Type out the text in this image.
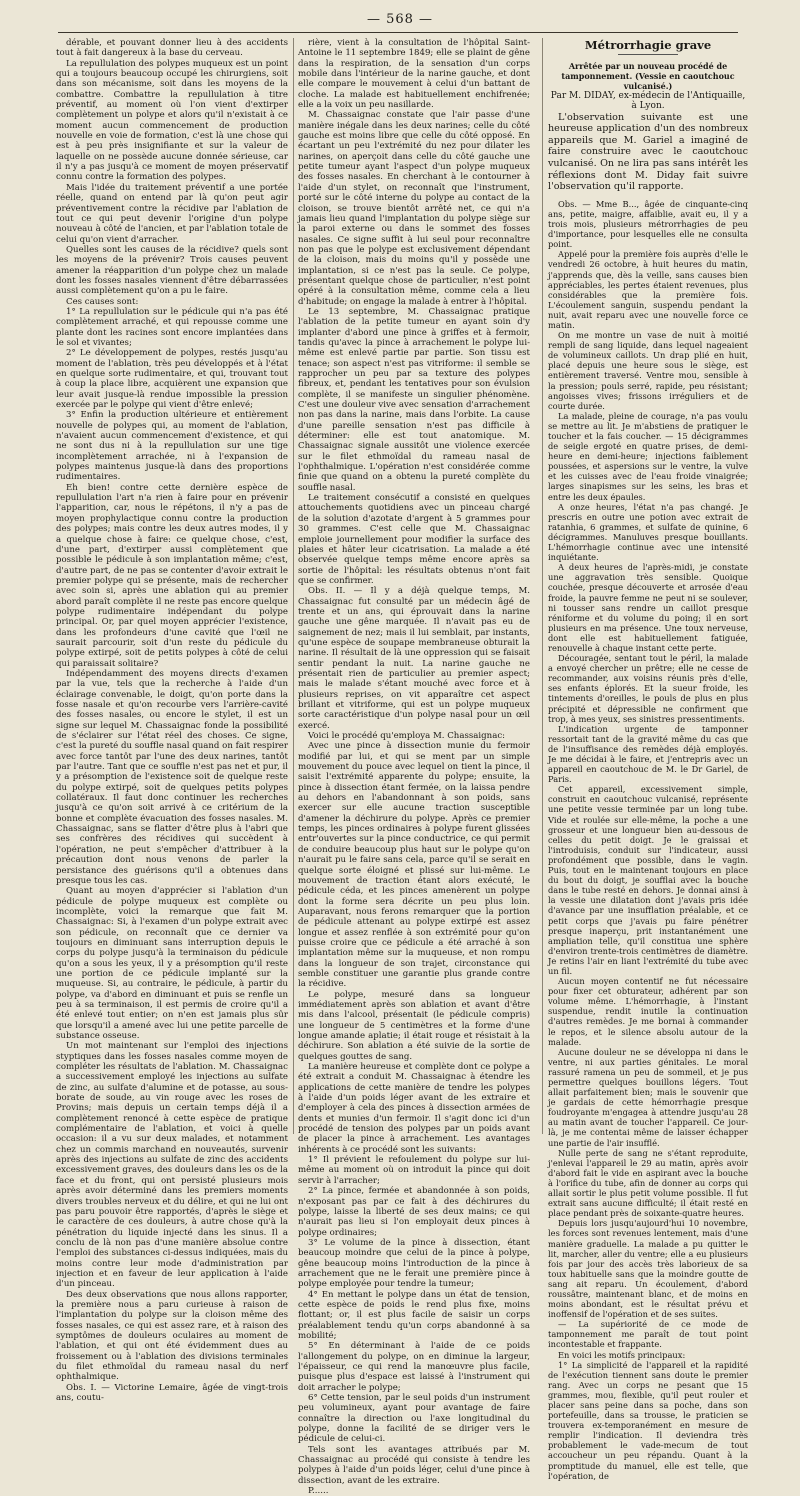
— 568 —

dérable, et pouvant donner lieu à des accidents tout à fait dangereux à la base du cerveau.

La repullulation des polypes muqueux est un point qui a toujours beaucoup occupé les chirurgiens, soit dans son mécanisme, soit dans les moyens de la combattre. Combattre la repullulation à titre préventif, au moment où l'on vient d'extirper complètement un polype et alors qu'il n'existait à ce moment aucun commencement de production nouvelle en voie de formation, c'est là une chose qui est à peu près insignifiante et sur la valeur de laquelle on ne possède aucune donnée sérieuse, car il n'y a pas jusqu'à ce moment de moyen préservatif connu contre la formation des polypes.

Mais l'idée du traitement préventif a une portée réelle, quand on entend par là qu'on peut agir préventivement contre la récidive par l'ablation de tout ce qui peut devenir l'origine d'un polype nouveau à côté de l'ancien, et par l'ablation totale de celui qu'on vient d'arracher.

Quelles sont les causes de la récidive? quels sont les moyens de la prévenir? Trois causes peuvent amener la réapparition d'un polype chez un malade dont les fosses nasales viennent d'être débarrassées aussi complètement qu'on a pu le faire.

Ces causes sont:

1° La repullulation sur le pédicule qui n'a pas été complètement arraché, et qui repousse comme une plante dont les racines sont encore implantées dans le sol et vivantes;

2° Le développement de polypes, restés jusqu'au moment de l'ablation, très peu développés et à l'état en quelque sorte rudimentaire, et qui, trouvant tout à coup la place libre, acquièrent une expansion que leur avait jusque-là rendue impossible la pression exercée par le polype qui vient d'être enlevé;

3° Enfin la production ultérieure et entièrement nouvelle de polypes qui, au moment de l'ablation, n'avaient aucun commencement d'existence, et qui ne sont dus ni à la repullulation sur une tige incomplètement arrachée, ni à l'expansion de polypes maintenus jusque-là dans des proportions rudimentaires.

Eh bien! contre cette dernière espèce de repullulation l'art n'a rien à faire pour en prévenir l'apparition, car, nous le répétons, il n'y a pas de moyen prophylactique connu contre la production des polypes; mais contre les deux autres modes, il y a quelque chose à faire: ce quelque chose, c'est, d'une part, d'extirper aussi complètement que possible le pédicule à son implantation même; c'est, d'autre part, de ne pas se contenter d'avoir extrait le premier polype qui se présente, mais de rechercher avec soin si, après une ablation qui au premier abord paraît complète il ne reste pas encore quelque polype rudimentaire indépendant du polype principal. Or, par quel moyen apprécier l'existence, dans les profondeurs d'une cavité que l'œil ne saurait parcourir, soit d'un reste du pédicule du polype extirpé, soit de petits polypes à côté de celui qui paraissait solitaire?

Indépendamment des moyens directs d'examen par la vue, tels que la recherche à l'aide d'un éclairage convenable, le doigt, qu'on porte dans la fosse nasale et qu'on recourbe vers l'arrière-cavité des fosses nasales, ou encore le stylet, il est un signe sur lequel M. Chassaignac fonde la possibilité de s'éclairer sur l'état réel des choses. Ce signe, c'est la pureté du souffle nasal quand on fait respirer avec force tantôt par l'une des deux narines, tantôt par l'autre. Tant que ce souffle n'est pas net et pur, il y a présomption de l'existence soit de quelque reste du polype extirpé, soit de quelques petits polypes collatéraux. Il faut donc continuer les recherches jusqu'à ce qu'on soit arrivé à ce critérium de la bonne et complète évacuation des fosses nasales. M. Chassaignac, sans se flatter d'être plus à l'abri que ses confrères des récidives qui succèdent à l'opération, ne peut s'empêcher d'attribuer à la précaution dont nous venons de parler la persistance des guérisons qu'il a obtenues dans presque tous les cas.

Quant au moyen d'apprécier si l'ablation d'un pédicule de polype muqueux est complète ou incomplète, voici la remarque que fait M. Chassaignac: Si, à l'examen d'un polype extrait avec son pédicule, on reconnaît que ce dernier va toujours en diminuant sans interruption depuis le corps du polype jusqu'à la terminaison du pédicule qu'on a sous les yeux, il y a présomption qu'il reste une portion de ce pédicule implanté sur la muqueuse. Si, au contraire, le pédicule, à partir du polype, va d'abord en diminuant et puis se renfle un peu à sa terminaison, il est permis de croire qu'il a été enlevé tout entier; on n'en est jamais plus sûr que lorsqu'il a amené avec lui une petite parcelle de substance osseuse.

Un mot maintenant sur l'emploi des injections styptiques dans les fosses nasales comme moyen de compléter les résultats de l'ablation. M. Chassaignac a successivement employé les injections au sulfate de zinc, au sulfate d'alumine et de potasse, au sous-borate de soude, au vin rouge avec les roses de Provins; mais depuis un certain temps déjà il a complètement renoncé à cette espèce de pratique complémentaire de l'ablation, et voici à quelle occasion: il a vu sur deux malades, et notamment chez un commis marchand en nouveautés, survenir après des injections au sulfate de zinc des accidents excessivement graves, des douleurs dans les os de la face et du front, qui ont persisté plusieurs mois après avoir déterminé dans les premiers moments divers troubles nerveux et du délire, et qui ne lui ont pas paru pouvoir être rapportés, d'après le siège et le caractère de ces douleurs, à autre chose qu'à la pénétration du liquide injecté dans les sinus. Il a conclu de là non pas d'une manière absolue contre l'emploi des substances ci-dessus indiquées, mais du moins contre leur mode d'administration par injection et en faveur de leur application à l'aide d'un pinceau.

Des deux observations que nous allons rapporter, la première nous a paru curieuse à raison de l'implantation du polype sur la cloison même des fosses nasales, ce qui est assez rare, et à raison des symptômes de douleurs oculaires au moment de l'ablation, et qui ont été évidemment dues au froissement ou à l'ablation des divisions terminales du filet ethmoïdal du rameau nasal du nerf ophthalmique.

Obs. I. — Victorine Lemaire, âgée de vingt-trois ans, coutu-

rière, vient à la consultation de l'hôpital Saint-Antoine le 11 septembre 1849; elle se plaint de gêne dans la respiration, de la sensation d'un corps mobile dans l'intérieur de la narine gauche, et dont elle compare le mouvement à celui d'un battant de cloche. La malade est habituellement enchifrenée; elle a la voix un peu nasillarde.

M. Chassaignac constate que l'air passe d'une manière inégale dans les deux narines; celle du côté gauche est moins libre que celle du côté opposé. En écartant un peu l'extrémité du nez pour dilater les narines, on aperçoit dans celle du côté gauche une petite tumeur ayant l'aspect d'un polype muqueux des fosses nasales. En cherchant à le contourner à l'aide d'un stylet, on reconnaît que l'instrument, porté sur le côté interne du polype au contact de la cloison, se trouve bientôt arrêté net, ce qui n'a jamais lieu quand l'implantation du polype siège sur la paroi externe ou dans le sommet des fosses nasales. Ce signe suffit à lui seul pour reconnaître non pas que le polype est exclusivement dépendant de la cloison, mais du moins qu'il y possède une implantation, si ce n'est pas la seule. Ce polype, présentant quelque chose de particulier, n'est point opéré à la consultation même, comme cela a lieu d'habitude; on engage la malade à entrer à l'hôpital.

Le 13 septembre, M. Chassaignac pratique l'ablation de la petite tumeur en ayant soin d'y implanter d'abord une pince à griffes et à fermoir, tandis qu'avec la pince à arrachement le polype lui-même est enlevé partie par partie. Son tissu est tenace; son aspect n'est pas vitriforme: il semble se rapprocher un peu par sa texture des polypes fibreux, et, pendant les tentatives pour son évulsion complète, il se manifeste un singulier phénomène. C'est une douleur vive avec sensation d'arrachement non pas dans la narine, mais dans l'orbite. La cause d'une pareille sensation n'est pas difficile à déterminer: elle est tout anatomique. M. Chassaignac signale aussitôt une violence exercée sur le filet ethmoïdal du rameau nasal de l'ophthalmique. L'opération n'est considérée comme finie que quand on a obtenu la pureté complète du souffle nasal.

Le traitement consécutif a consisté en quelques attouchements quotidiens avec un pinceau chargé de la solution d'azotate d'argent à 5 grammes pour 30 grammes. C'est celle que M. Chassaignac emploie journellement pour modifier la surface des plaies et hâter leur cicatrisation. La malade a été observée quelque temps même encore après sa sortie de l'hôpital: les résultats obtenus n'ont fait que se confirmer.

Obs. II. — Il y a déjà quelque temps, M. Chassaignac fut consulté par un médecin âgé de trente et un ans, qui éprouvait dans la narine gauche une gêne marquée. Il n'avait pas eu de saignement de nez; mais il lui semblait, par instants, qu'une espèce de soupape membraneuse obturait la narine. Il résultait de là une oppression qui se faisait sentir pendant la nuit. La narine gauche ne présentait rien de particulier au premier aspect; mais le malade s'étant mouché avec force et à plusieurs reprises, on vit apparaître cet aspect brillant et vitriforme, qui est un polype muqueux sorte caractéristique d'un polype nasal pour un œil exercé.

Voici le procédé qu'employa M. Chassaignac:

Avec une pince à dissection munie du fermoir modifié par lui, et qui se ment par un simple mouvement du pouce avec lequel on tient la pince, il saisit l'extrémité apparente du polype; ensuite, la pince à dissection étant fermée, on la laissa pendre au dehors en l'abandonnant à son poids, sans exercer sur elle aucune traction susceptible d'amener la déchirure du polype. Après ce premier temps, les pinces ordinaires à polype furent glissées entr'ouvertes sur la pince conductrice, ce qui permit de conduire beaucoup plus haut sur le polype qu'on n'aurait pu le faire sans cela, parce qu'il se serait en quelque sorte éloigné et plissé sur lui-même. Le mouvement de traction étant alors exécuté, le pédicule céda, et les pinces amenèrent un polype dont la forme sera décrite un peu plus loin. Auparavant, nous ferons remarquer que la portion de pédicule attenant au polype extirpé est assez longue et assez renflée à son extrémité pour qu'on puisse croire que ce pédicule a été arraché à son implantation même sur la muqueuse, et non rompu dans la longueur de son trajet, circonstance qui semble constituer une garantie plus grande contre la récidive.

Le polype, mesuré dans sa longueur immédiatement après son ablation et avant d'être mis dans l'alcool, présentait (le pédicule compris) une longueur de 5 centimètres et la forme d'une longue amande aplatie; il était rouge et résistait à la déchirure. Son ablation a été suivie de la sortie de quelques gouttes de sang.

La manière heureuse et complète dont ce polype a été extrait a conduit M. Chassaignac à étendre les applications de cette manière de tendre les polypes à l'aide d'un poids léger avant de les extraire et d'employer à cela des pinces à dissection armées de dents et munies d'un fermoir. Il s'agit donc ici d'un procédé de tension des polypes par un poids avant de placer la pince à arrachement. Les avantages inhérents à ce procédé sont les suivants:

1° Il prévient le refoulement du polype sur lui-même au moment où on introduit la pince qui doit servir à l'arracher;

2° La pince, fermée et abandonnée à son poids, n'exposant pas par ce fait à des déchirures du polype, laisse la liberté de ses deux mains; ce qui n'aurait pas lieu si l'on employait deux pinces à polype ordinaires;

3° Le volume de la pince à dissection, étant beaucoup moindre que celui de la pince à polype, gêne beaucoup moins l'introduction de la pince à arrachement que ne le ferait une première pince à polype employée pour tendre la tumeur;

4° En mettant le polype dans un état de tension, cette espèce de poids le rend plus fixe, moins flottant; or, il est plus facile de saisir un corps préalablement tendu qu'un corps abandonné à sa mobilité;

5° En déterminant à l'aide de ce poids l'allongement du polype, on en diminue la largeur, l'épaisseur, ce qui rend la manœuvre plus facile, puisque plus d'espace est laissé à l'instrument qui doit arracher le polype;

6° Cette tension, par le seul poids d'un instrument peu volumineux, ayant pour avantage de faire connaître la direction ou l'axe longitudinal du polype, donne la facilité de se diriger vers le pédicule de celui-ci.

Tels sont les avantages attribués par M. Chassaignac au procédé qui consiste à tendre les polypes à l'aide d'un poids léger, celui d'une pince à dissection, avant de les extraire.

P......

Métrorrhagie grave

Arrêtée par un nouveau procédé de tamponnement. (Vessie en caoutchouc vulcanisé.)

Par M. DIDAY, ex-médecin de l'Antiquaille, à Lyon.

L'observation suivante est une heureuse application d'un des nombreux appareils que M. Gariel a imaginé de faire construire avec le caoutchouc vulcanisé. On ne lira pas sans intérêt les réflexions dont M. Diday fait suivre l'observation qu'il rapporte.

Obs. — Mme B..., âgée de cinquante-cinq ans, petite, maigre, affaiblie, avait eu, il y a trois mois, plusieurs métrorrhagies de peu d'importance, pour lesquelles elle ne consulta point.

Appelé pour la première fois auprès d'elle le vendredi 26 octobre, à huit heures du matin, j'apprends que, dès la veille, sans causes bien appréciables, les pertes étaient revenues, plus considérables que la première fois. L'écoulement sanguin, suspendu pendant la nuit, avait reparu avec une nouvelle force ce matin.

On me montre un vase de nuit à moitié rempli de sang liquide, dans lequel nageaient de volumineux caillots. Un drap plié en huit, placé depuis une heure sous le siège, est entièrement traversé. Ventre mou, sensible à la pression; pouls serré, rapide, peu résistant; angoisses vives; frissons irréguliers et de courte durée.

La malade, pleine de courage, n'a pas voulu se mettre au lit. Je m'abstiens de pratiquer le toucher et la fais coucher. — 15 décigrammes de seigle ergoté en quatre prises, de demi-heure en demi-heure; injections faiblement poussées, et aspersions sur le ventre, la vulve et les cuisses avec de l'eau froide vinaigrée; larges sinapismes sur les seins, les bras et entre les deux épaules.

A onze heures, l'état n'a pas changé. Je prescris en outre une potion avec extrait de ratanhia, 6 grammes, et sulfate de quinine, 6 décigrammes. Manuluves presque bouillants. L'hémorrhagie continue avec une intensité inquiétante.

A deux heures de l'après-midi, je constate une aggravation très sensible. Quoique couchée, presque découverte et arrosée d'eau froide, la pauvre femme ne peut ni se soulever, ni tousser sans rendre un caillot presque réniforme et du volume du poing; il en sort plusieurs en ma présence. Une toux nerveuse, dont elle est habituellement fatiguée, renouvelle à chaque instant cette perte.

Découragée, sentant tout le péril, la malade a envoyé chercher un prêtre; elle ne cesse de recommander, aux voisins réunis près d'elle, ses enfants éplorés. Et la sueur froide, les tintements d'oreilles, le pouls de plus en plus précipité et dépressible ne confirment que trop, à mes yeux, ses sinistres pressentiments.

L'indication urgente de tamponner ressortait tant de la gravité même du cas que de l'insuffisance des remèdes déjà employés. Je me décidai à le faire, et j'entrepris avec un appareil en caoutchouc de M. le Dr Gariel, de Paris.

Cet appareil, excessivement simple, construit en caoutchouc vulcanisé, représente une petite vessie terminée par un long tube. Vide et roulée sur elle-même, la poche a une grosseur et une longueur bien au-dessous de celles du petit doigt. Je le graissai et l'introduisis, conduit sur l'indicateur, aussi profondément que possible, dans le vagin. Puis, tout en le maintenant toujours en place du bout du doigt, je soufflai avec la bouche dans le tube resté en dehors. Je donnai ainsi à la vessie une dilatation dont j'avais pris idée d'avance par une insufflation préalable, et ce petit corps que j'avais pu faire pénétrer presque inaperçu, prit instantanément une ampliation telle, qu'il constitua une sphère d'environ trente-trois centimètres de diamètre. Je retins l'air en liant l'extrémité du tube avec un fil.

Aucun moyen contentif ne fut nécessaire pour fixer cet obturateur, adhérent par son volume même. L'hémorrhagie, à l'instant suspendue, rendit inutile la continuation d'autres remèdes. Je me bornai à commander le repos, et le silence absolu autour de la malade.

Aucune douleur ne se développa ni dans le ventre, ni aux parties génitales. Le moral rassuré ramena un peu de sommeil, et je pus permettre quelques bouillons légers. Tout allait parfaitement bien; mais le souvenir que je gardais de cette hémorrhagie presque foudroyante m'engagea à attendre jusqu'au 28 au matin avant de toucher l'appareil. Ce jour-là, je me contentai même de laisser échapper une partie de l'air insufflé.

Nulle perte de sang ne s'étant reproduite, j'enlevai l'appareil le 29 au matin, après avoir d'abord fait le vide en aspirant avec la bouche à l'orifice du tube, afin de donner au corps qui allait sortir le plus petit volume possible. Il fut extrait sans aucune difficulté; il était resté en place pendant près de soixante-quatre heures.

Depuis lors jusqu'aujourd'hui 10 novembre, les forces sont revenues lentement, mais d'une manière graduelle. La malade a pu quitter le lit, marcher, aller du ventre; elle a eu plusieurs fois par jour des accès très laborieux de sa toux habituelle sans que la moindre goutte de sang ait reparu. Un écoulement, d'abord roussâtre, maintenant blanc, et de moins en moins abondant, est le résultat prévu et inoffensif de l'opération et de ses suites.

— La supériorité de ce mode de tamponnement me paraît de tout point incontestable et frappante.

En voici les motifs principaux:

1° La simplicité de l'appareil et la rapidité de l'exécution tiennent sans doute le premier rang. Avec un corps ne pesant que 15 grammes, mou, flexible, qu'il peut rouler et placer sans peine dans sa poche, dans son portefeuille, dans sa trousse, le praticien se trouvera ex-temporanément en mesure de remplir l'indication. Il deviendra très probablement le vade-mecum de tout accoucheur un peu répandu. Quant à la promptitude du manuel, elle est telle, que l'opération, de
